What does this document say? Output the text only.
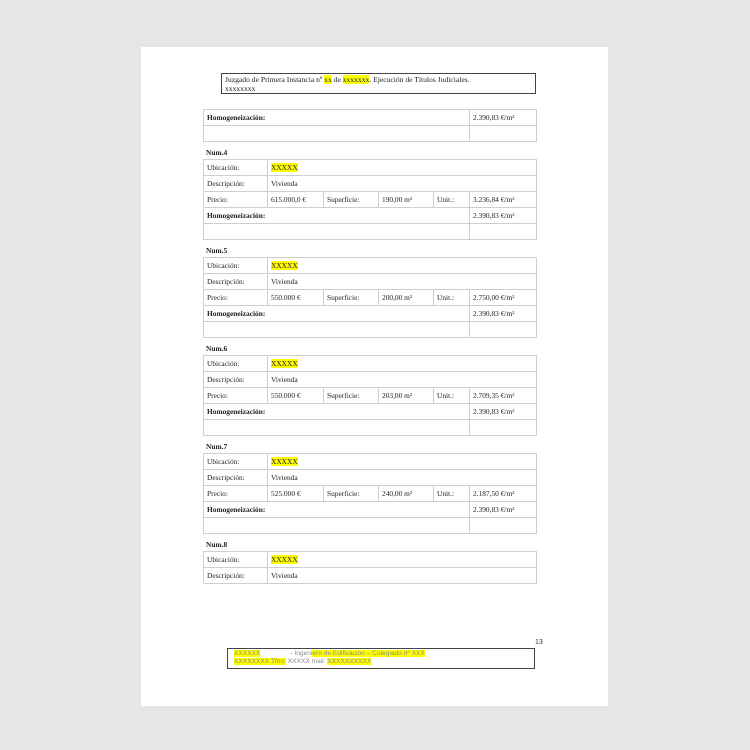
Juzgado de Primera Instancia nº xx de xxxxxxx. Ejecución de Títulos Judiciales.
xxxxxxxx
Homogeneización:	2.390,83 €/m²

Num.4
Ubicación:	XXXXX				
Descripción:	Vivienda				
Precio:	615.000,0 €	Superficie:	190,00 m²	Unit.:	3.236,84 €/m²
Homogeneización:					2.390,83 €/m²

Num.5
Ubicación:	XXXXX				
Descripción:	Vivienda				
Precio:	550.000 €	Superficie:	200,00 m²	Unit.:	2.750,00 €/m²
Homogeneización:					2.390,83 €/m²

Num.6
Ubicación:	XXXXX				
Descripción:	Vivienda				
Precio:	550.000 €	Superficie:	203,00 m²	Unit.:	2.709,35 €/m²
Homogeneización:					2.390,83 €/m²

Num.7
Ubicación:	XXXXX				
Descripción:	Vivienda				
Precio:	525.000 €	Superficie:	240,00 m²	Unit.:	2.187,50 €/m²
Homogeneización:					2.390,83 €/m²

Num.8
Ubicación:	XXXXX
Descripción:	Vivienda
13
XXXXXX	- Ingeniero de Edificación – Colegiado nº XXX
XXXXXXXX Tfno: XXXXX mail: XXXXXXXXXX
